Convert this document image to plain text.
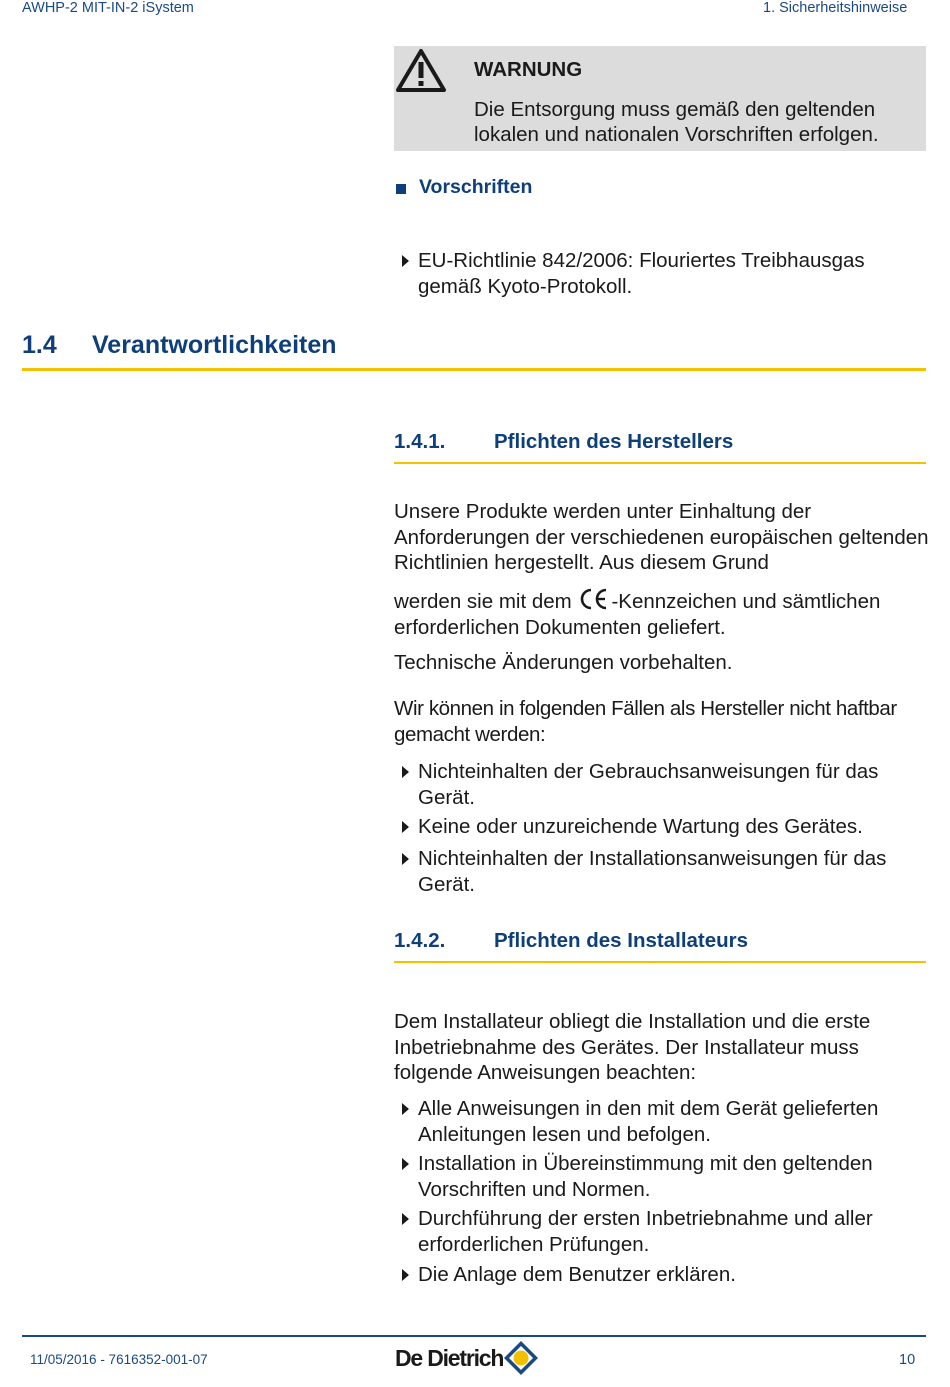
AWHP-2 MIT-IN-2 iSystem	1. Sicherheitshinweise
WARNUNG
Die Entsorgung muss gemäß den geltenden lokalen und nationalen Vorschriften erfolgen.
Vorschriften
EU-Richtlinie 842/2006: Flouriertes Treibhausgas gemäß Kyoto-Protokoll.
1.4 Verantwortlichkeiten
1.4.1. Pflichten des Herstellers
Unsere Produkte werden unter Einhaltung der Anforderungen der verschiedenen europäischen geltenden Richtlinien hergestellt. Aus diesem Grund
werden sie mit dem -Kennzeichen und sämtlichen erforderlichen Dokumenten geliefert.
Technische Änderungen vorbehalten.
Wir können in folgenden Fällen als Hersteller nicht haftbar gemacht werden:
Nichteinhalten der Gebrauchsanweisungen für das Gerät.
Keine oder unzureichende Wartung des Gerätes.
Nichteinhalten der Installationsanweisungen für das Gerät.
1.4.2. Pflichten des Installateurs
Dem Installateur obliegt die Installation und die erste Inbetriebnahme des Gerätes. Der Installateur muss folgende Anweisungen beachten:
Alle Anweisungen in den mit dem Gerät gelieferten Anleitungen lesen und befolgen.
Installation in Übereinstimmung mit den geltenden Vorschriften und Normen.
Durchführung der ersten Inbetriebnahme und aller erforderlichen Prüfungen.
Die Anlage dem Benutzer erklären.
11/05/2016 - 7616352-001-07	De Dietrich	10
